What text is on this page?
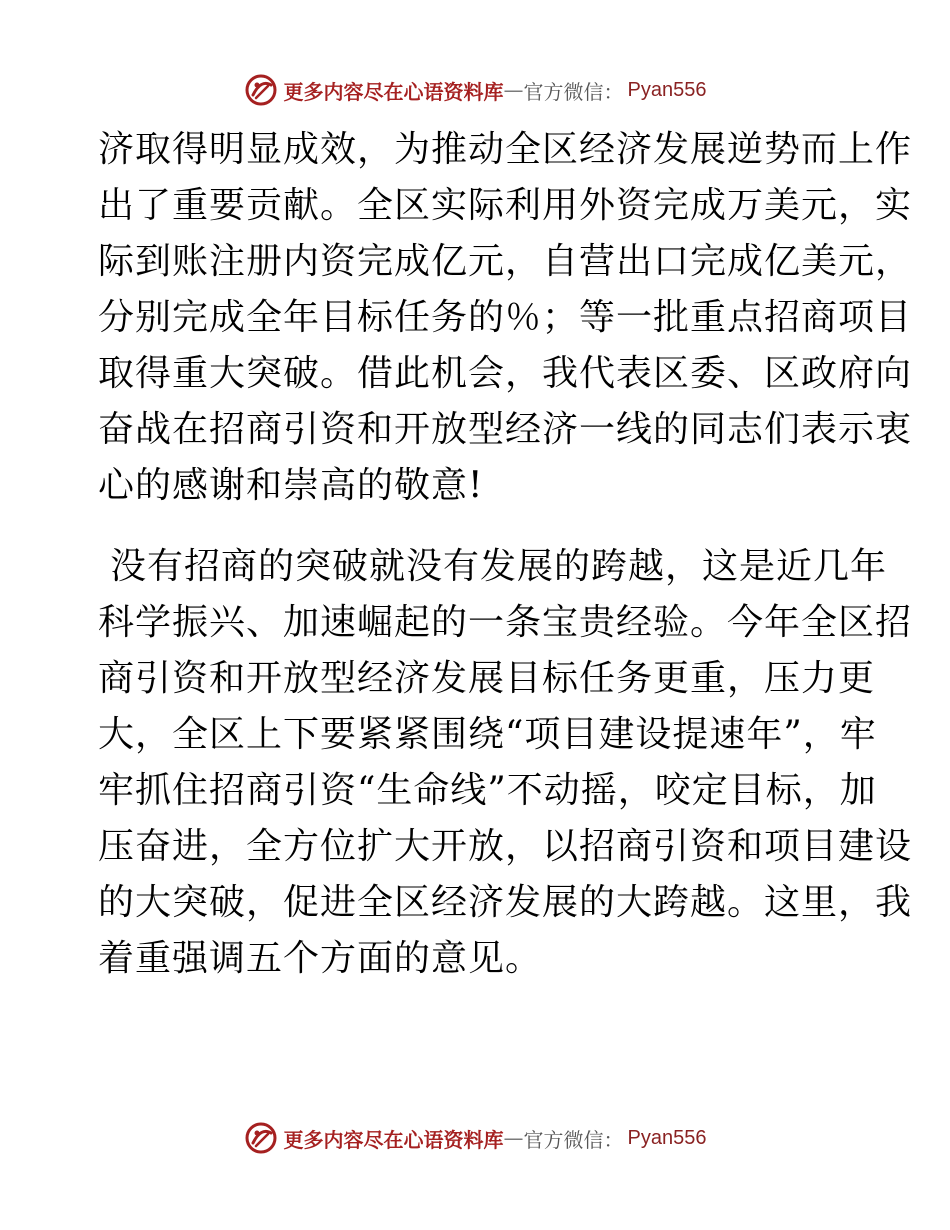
更多内容尽在心语资料库 — 官方微信： Pyan556
济取得明显成效，为推动全区经济发展逆势而上作
出了重要贡献。全区实际利用外资完成万美元，实
际到账注册内资完成亿元，自营出口完成亿美元，
分别完成全年目标任务的％；等一批重点招商项目
取得重大突破。借此机会，我代表区委、区政府向
奋战在招商引资和开放型经济一线的同志们表示衷
心的感谢和崇高的敬意!
没有招商的突破就没有发展的跨越，这是近几年
科学振兴、加速崛起的一条宝贵经验。今年全区招
商引资和开放型经济发展目标任务更重，压力更
大，全区上下要紧紧围绕“项目建设提速年”，牢
牢抓住招商引资“生命线”不动摇，咬定目标，加
压奋进，全方位扩大开放，以招商引资和项目建设
的大突破，促进全区经济发展的大跨越。这里，我
着重强调五个方面的意见。
更多内容尽在心语资料库 — 官方微信： Pyan556
